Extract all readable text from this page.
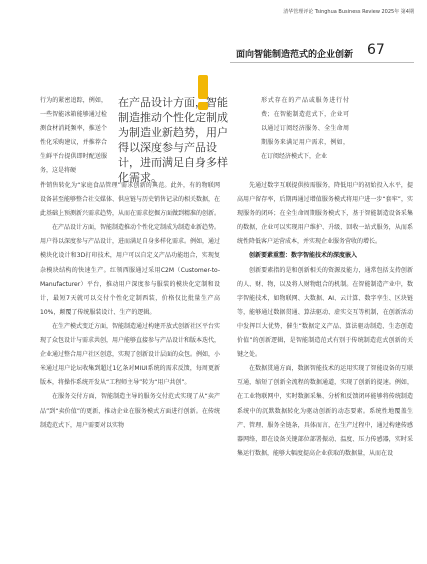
清华管理评论 Tsinghua Business Review 2025年 第4期
面向智能制造范式的企业创新 67
在产品设计方面，智能制造推动个性化定制成为制造业新趋势，用户得以深度参与产品设计，进而满足自身多样化需求。

行为的紧密追踪，例如，一些智能冰箱能够通过检测食材消耗频率，推送个性化采购建议，并推荐合生鲜平台提供即时配送服务，这是将硬

件销售转化为“家庭食品管理”需求创新的典范。此外，有的物联网设备甚至能够整合社交媒体、供应链与历史销售记录的相关数据，在此基础上预测新兴需求趋势，从而在需求挖掘方面做到精准的创新。

在产品设计方面，智能制造推动个性化定制成为制造业新趋势。用户得以深度参与产品设计，进而满足自身多样化需求。例如，通过模块化设计和3D打印技术，用户可以自定义产品功能组合，实现复杂模块结构的快速生产。红领西服通过采用C2M（Customer-to-Manufacturer）平台，推动用户深度参与服装的模块化定制和设计，最短7天就可以交付个性化定制西装，价格仅比批量生产高10%，颠覆了传统服装设计、生产的逻辑。

在生产模式变迁方面，智能制造通过构建开放式创新社区平台实现了众包设计与需求共创，用户能够直接参与产品设计和版本迭代，企业通过整合用户社区创意，实现了创新设计层面的众包。例如，小米通过用户论坛收集到超过1亿条对MIUI系统的需求反馈，每周更新版本，将操作系统开发从“工程师主导”转为“用户共创”。

在服务交付方面，智能制造主导的服务交付范式实现了从“卖产品”到“卖价值”的更新，推动企业在服务模式方面进行创新。在传统制造范式下，用户需要对以实物

形式存在的产品或服务进行付费；在智能制造范式下，企业可以通过订阅经济服务、全生命周期服务来满足用户需求，例如，在订阅经济模式下，企业

先通过数字互联提供按需服务，降低用户的初始投入水平，提高用户留存率，后期再通过增值服务模式将用户进一步“套牢”，实现服务的闭环；在全生命周期服务模式下，基于智能制造设备采集的数据，企业可以实现用户维护、升级、回收一站式服务，从而系统性降低客户运营成本，并实现企业服务营收的增长。

创新要素重塑：数字智能技术的深度嵌入

创新要素指的是和创新相关的资源及能力，通常包括支持创新的人、财、物，以及将人财物组合的机制。在智能制造产业中，数字智能技术，如物联网、大数据、AI、云计算、数字孪生、区块链等，能够通过数据贯通、算法驱动、虚实交互等机制，在创新活动中发挥巨大优势，催生“数据定义产品、算法驱动制造、生态创造价值”的创新逻辑，是智能制造范式有别于传统制造范式创新的关键之处。

在数据贯通方面，数据智能技术的运用实现了智能设备的互联互通，缩短了创新全流程的数据通道，实现了创新的提速。例如，在工业物联网中，实时数据采集、分析和反馈闭环能够将传统制造系统中的沉默数据转化为驱动创新的动态要素。系统性地覆盖生产、管理、服务全链条，具体而言，在生产过程中，通过构建传感器网络，即在设备关键部位部署振动、温度、压力传感器，实时采集运行数据，能够大幅度提高企业获取的数据量，从而在设
